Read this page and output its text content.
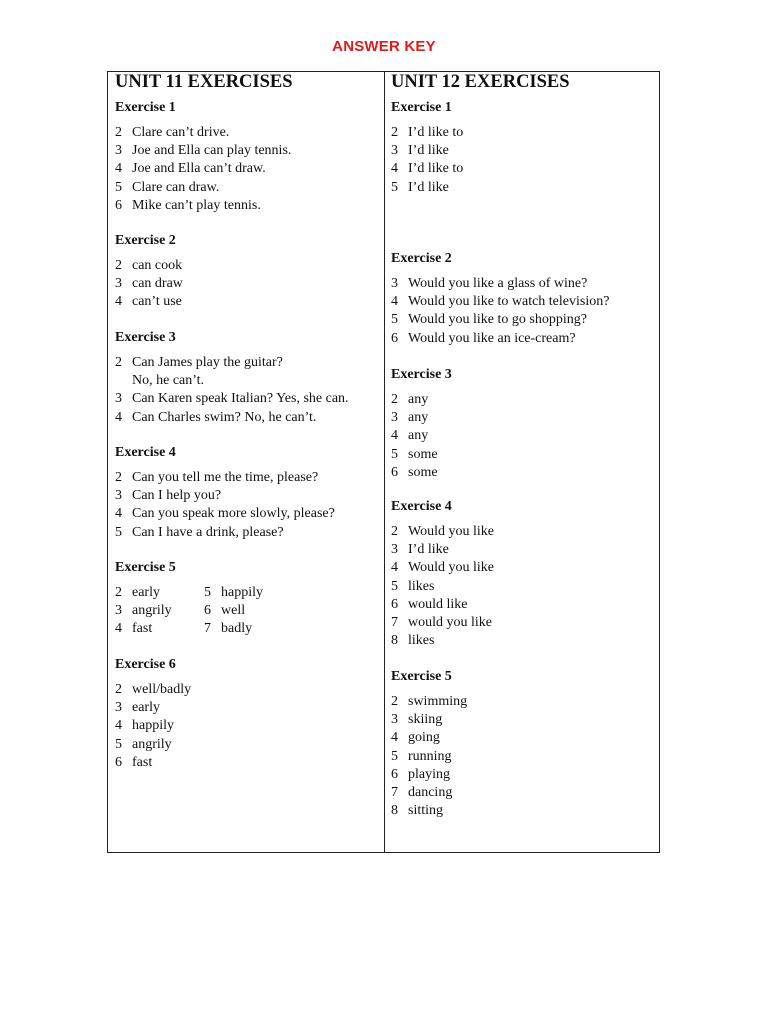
ANSWER KEY
UNIT 11 EXERCISES
Exercise 1
2 Clare can’t drive.
3 Joe and Ella can play tennis.
4 Joe and Ella can’t draw.
5 Clare can draw.
6 Mike can’t play tennis.
Exercise 2
2 can cook
3 can draw
4 can’t use
Exercise 3
2 Can James play the guitar?
No, he can’t.
3 Can Karen speak Italian? Yes, she can.
4 Can Charles swim? No, he can’t.
Exercise 4
2 Can you tell me the time, please?
3 Can I help you?
4 Can you speak more slowly, please?
5 Can I have a drink, please?
Exercise 5
2 early	5 happily
3 angrily	6 well
4 fast	7 badly
Exercise 6
2 well/badly
3 early
4 happily
5 angrily
6 fast
UNIT 12 EXERCISES
Exercise 1
2 I’d like to
3 I’d like
4 I’d like to
5 I’d like
Exercise 2
3 Would you like a glass of wine?
4 Would you like to watch television?
5 Would you like to go shopping?
6 Would you like an ice-cream?
Exercise 3
2 any
3 any
4 any
5 some
6 some
Exercise 4
2 Would you like
3 I’d like
4 Would you like
5 likes
6 would like
7 would you like
8 likes
Exercise 5
2 swimming
3 skiing
4 going
5 running
6 playing
7 dancing
8 sitting
